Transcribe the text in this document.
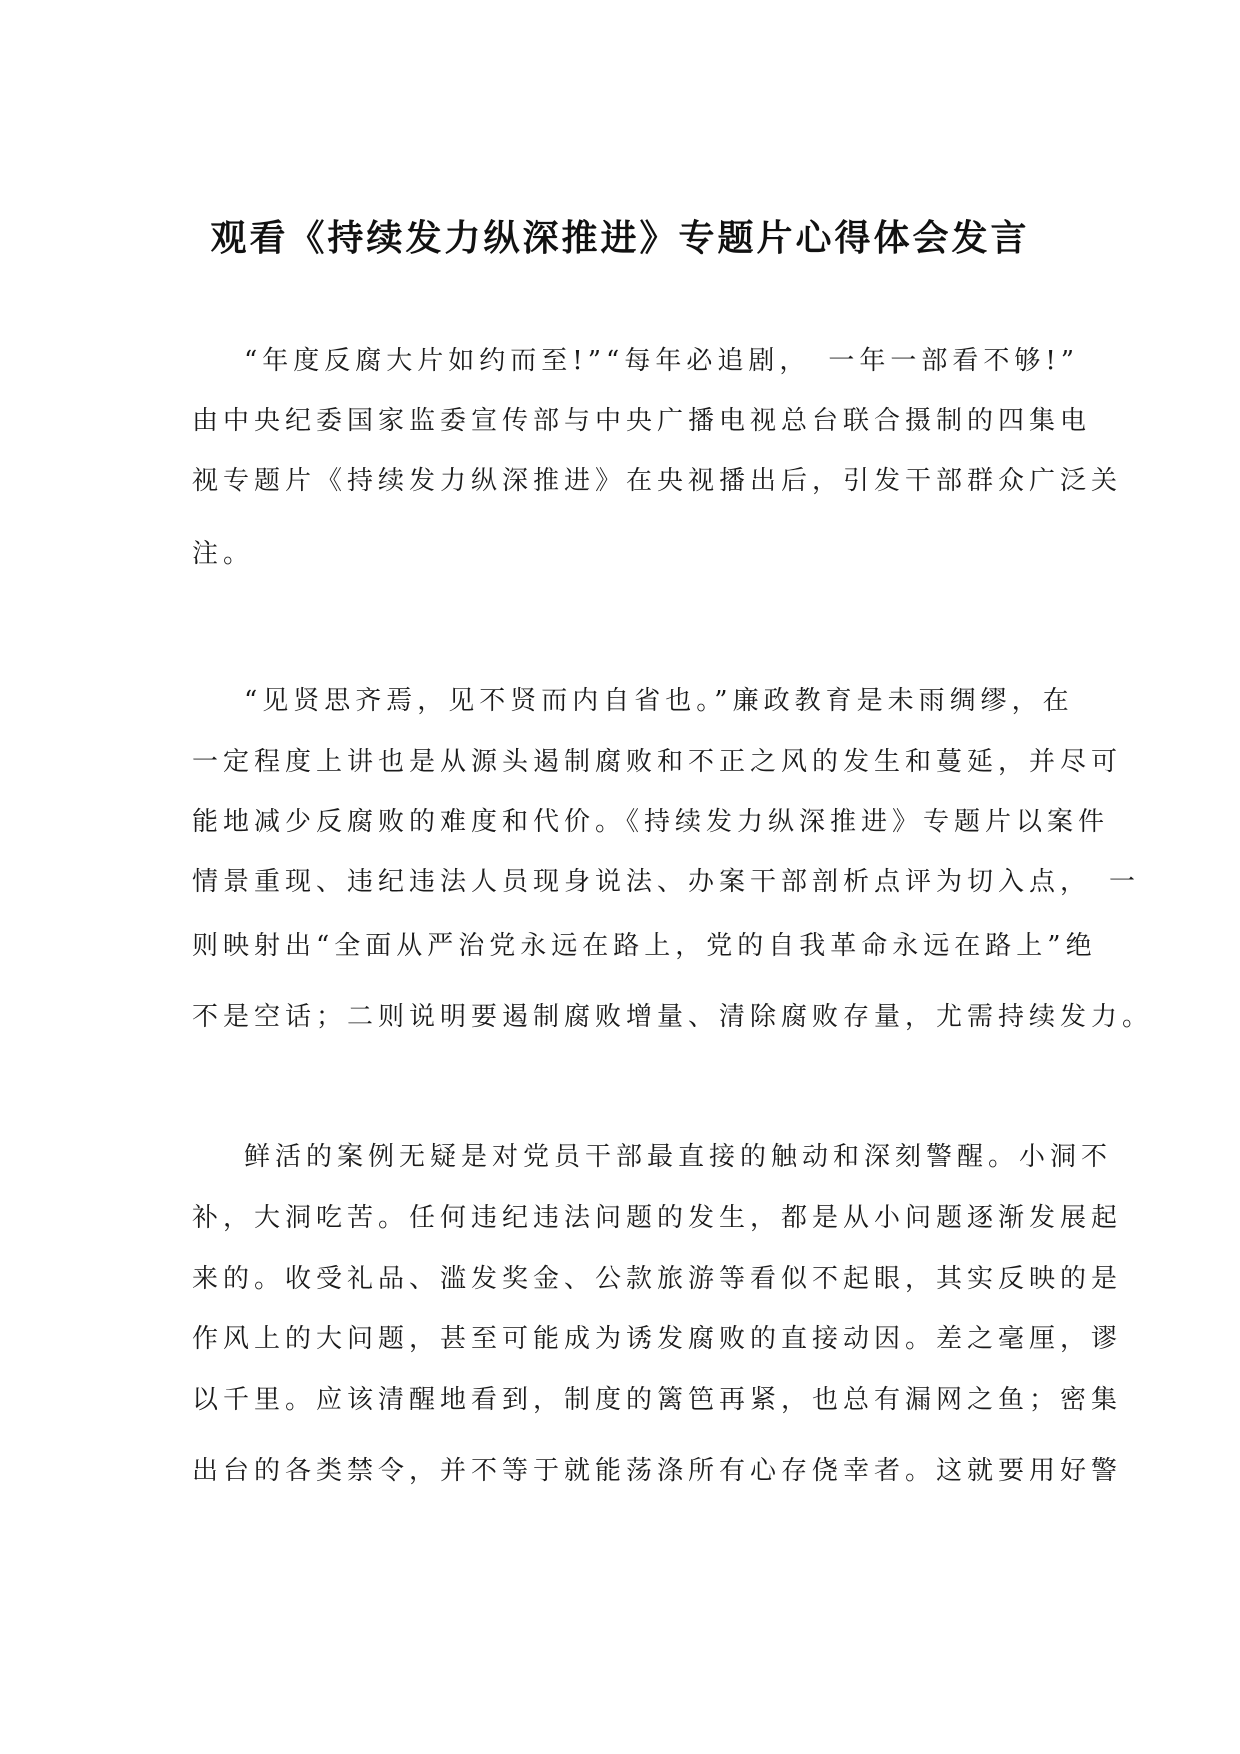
观看《持续发力纵深推进》专题片心得体会发言
“年度反腐大片如约而至!”“每年必追剧，　一年一部看不够!”
由中央纪委国家监委宣传部与中央广播电视总台联合摄制的四集电
视专题片《持续发力纵深推进》在央视播出后，引发干部群众广泛关
注。
“见贤思齐焉，见不贤而内自省也。”廉政教育是未雨绸缪，在
一定程度上讲也是从源头遏制腐败和不正之风的发生和蔓延，并尽可
能地减少反腐败的难度和代价。《持续发力纵深推进》专题片以案件
情景重现、违纪违法人员现身说法、办案干部剖析点评为切入点，　一
则映射出“全面从严治党永远在路上，党的自我革命永远在路上”绝
不是空话；二则说明要遏制腐败增量、清除腐败存量，尤需持续发力。
鲜活的案例无疑是对党员干部最直接的触动和深刻警醒。小洞不
补，大洞吃苦。任何违纪违法问题的发生，都是从小问题逐渐发展起
来的。收受礼品、滥发奖金、公款旅游等看似不起眼，其实反映的是
作风上的大问题，甚至可能成为诱发腐败的直接动因。差之毫厘，谬
以千里。应该清醒地看到，制度的篱笆再紧，也总有漏网之鱼；密集
出台的各类禁令，并不等于就能荡涤所有心存侥幸者。这就要用好警
